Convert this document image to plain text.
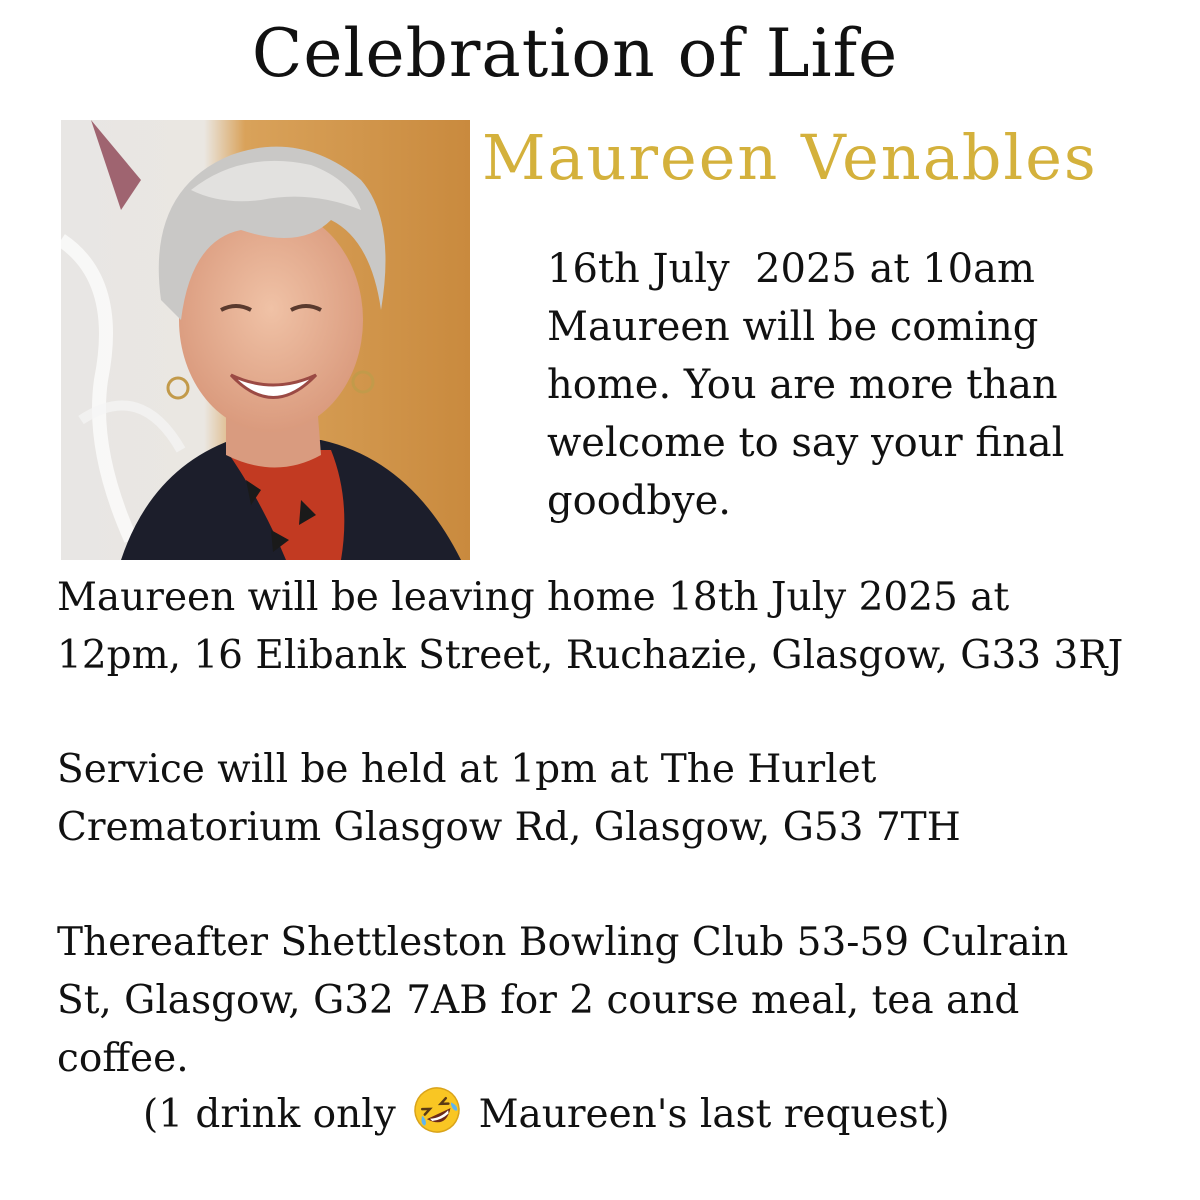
Celebration of Life
Maureen Venables
16th July  2025 at 10am
Maureen will be coming
home. You are more than
welcome to say your final
goodbye.
Maureen will be leaving home 18th July 2025 at
12pm, 16 Elibank Street, Ruchazie, Glasgow, G33 3RJ
Service will be held at 1pm at The Hurlet
Crematorium Glasgow Rd, Glasgow, G53 7TH
Thereafter Shettleston Bowling Club 53-59 Culrain
St, Glasgow, G32 7AB for 2 course meal, tea and
coffee.

(1 drink only Maureen's last request)
